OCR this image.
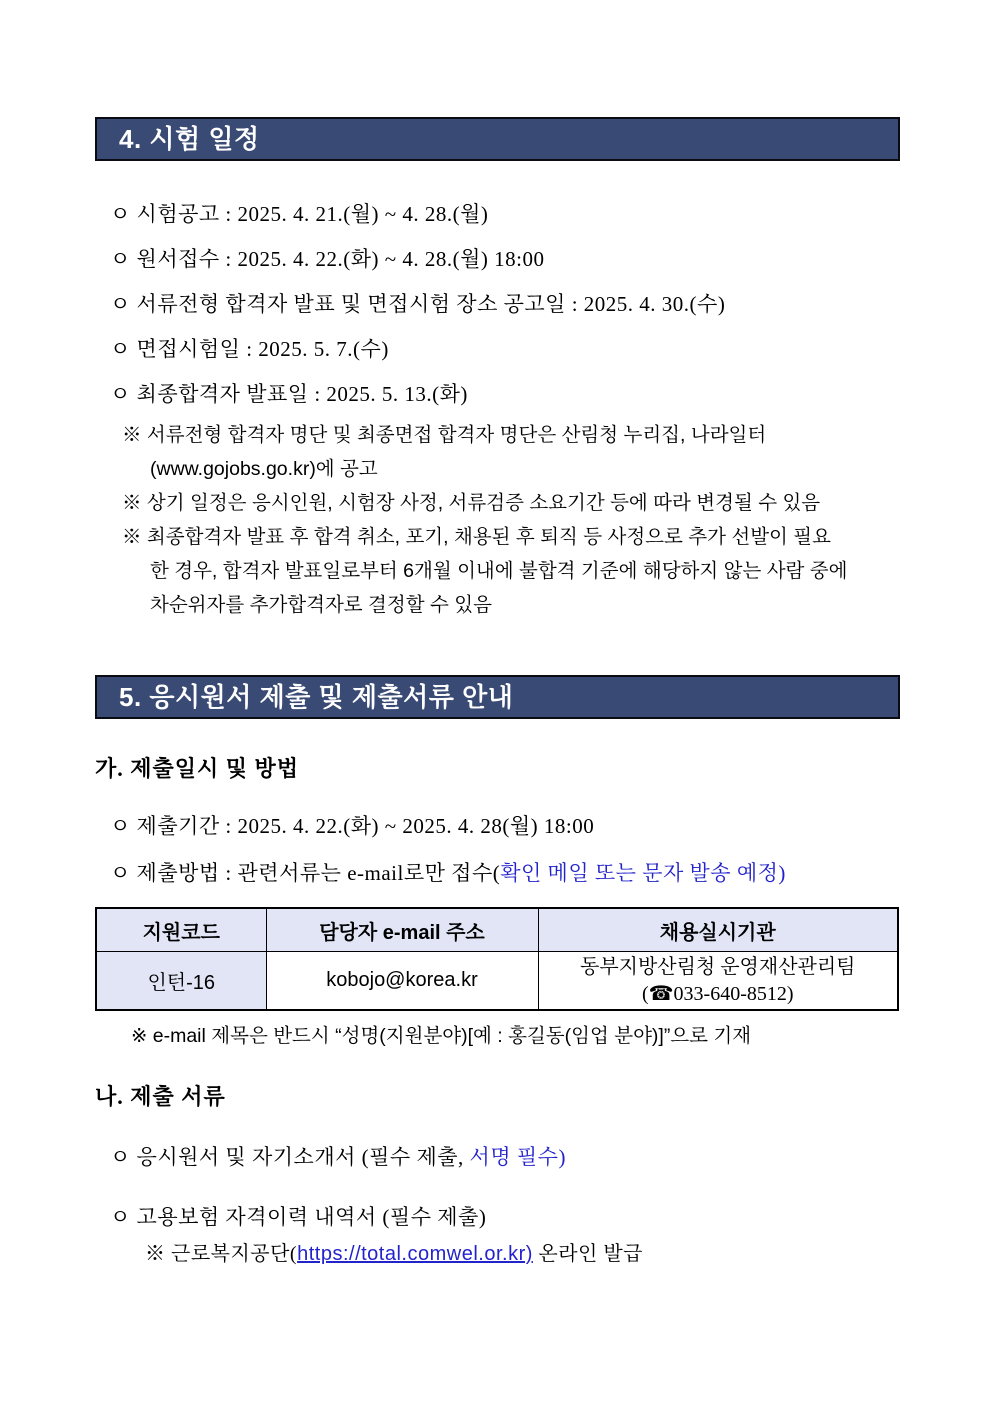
4. 시험 일정
ㅇ 시험공고 : 2025. 4. 21.(월) ~ 4. 28.(월)
ㅇ 원서접수 : 2025. 4. 22.(화) ~ 4. 28.(월) 18:00
ㅇ 서류전형 합격자 발표 및 면접시험 장소 공고일 : 2025. 4. 30.(수)
ㅇ 면접시험일 : 2025. 5. 7.(수)
ㅇ 최종합격자 발표일 : 2025. 5. 13.(화)
※ 서류전형 합격자 명단 및 최종면접 합격자 명단은 산림청 누리집, 나라일터
(www.gojobs.go.kr)에 공고
※ 상기 일정은 응시인원, 시험장 사정, 서류검증 소요기간 등에 따라 변경될 수 있음
※ 최종합격자 발표 후 합격 취소, 포기, 채용된 후 퇴직 등 사정으로 추가 선발이 필요
한 경우, 합격자 발표일로부터 6개월 이내에 불합격 기준에 해당하지 않는 사람 중에
차순위자를 추가합격자로 결정할 수 있음
5. 응시원서 제출 및 제출서류 안내
가. 제출일시 및 방법
ㅇ 제출기간 : 2025. 4. 22.(화) ~ 2025. 4. 28(월) 18:00
ㅇ 제출방법 : 관련서류는 e-mail로만 접수(확인 메일 또는 문자 발송 예정)
지원코드	담당자 e-mail 주소	채용실시기관
인턴-16	kobojo@korea.kr	동부지방산림청 운영재산관리팀
(☎033-640-8512)
※ e-mail 제목은 반드시 “성명(지원분야)[예 : 홍길동(임업 분야)]”으로 기재
나. 제출 서류
ㅇ 응시원서 및 자기소개서 (필수 제출, 서명 필수)
ㅇ 고용보험 자격이력 내역서 (필수 제출)
※ 근로복지공단(https://total.comwel.or.kr) 온라인 발급
